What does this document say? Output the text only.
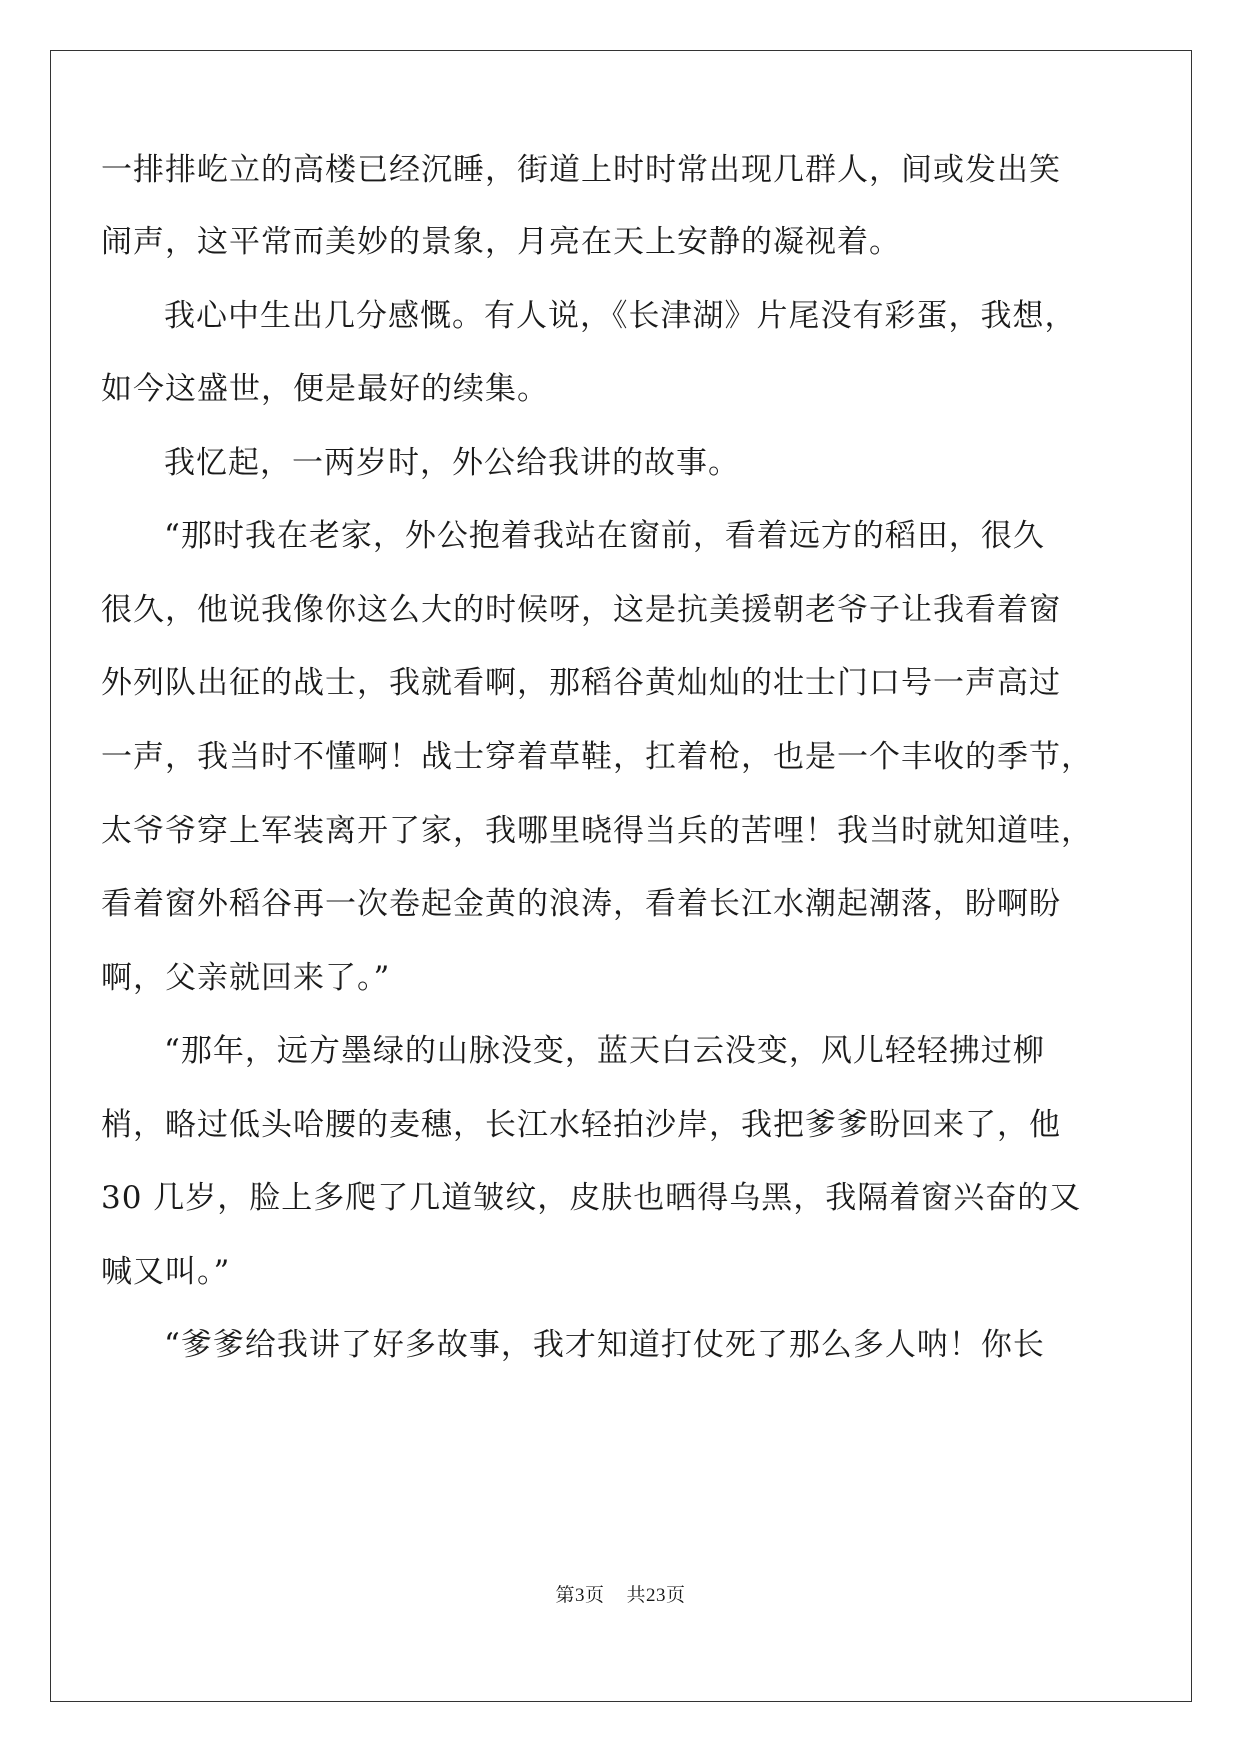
一排排屹立的高楼已经沉睡，街道上时时常出现几群人，间或发出笑
闹声，这平常而美妙的景象，月亮在天上安静的凝视着。
我心中生出几分感慨。有人说，《长津湖》片尾没有彩蛋，我想，
如今这盛世，便是最好的续集。
我忆起，一两岁时，外公给我讲的故事。
“那时我在老家，外公抱着我站在窗前，看着远方的稻田，很久
很久，他说我像你这么大的时候呀，这是抗美援朝老爷子让我看着窗
外列队出征的战士，我就看啊，那稻谷黄灿灿的壮士门口号一声高过
一声，我当时不懂啊！战士穿着草鞋，扛着枪，也是一个丰收的季节，
太爷爷穿上军装离开了家，我哪里晓得当兵的苦哩！我当时就知道哇，
看着窗外稻谷再一次卷起金黄的浪涛，看着长江水潮起潮落，盼啊盼
啊，父亲就回来了。”
“那年，远方墨绿的山脉没变，蓝天白云没变，风儿轻轻拂过柳
梢，略过低头哈腰的麦穗，长江水轻拍沙岸，我把爹爹盼回来了，他
30 几岁，脸上多爬了几道皱纹，皮肤也晒得乌黑，我隔着窗兴奋的又
喊又叫。”
“爹爹给我讲了好多故事，我才知道打仗死了那么多人呐！你长
第3页 共23页
